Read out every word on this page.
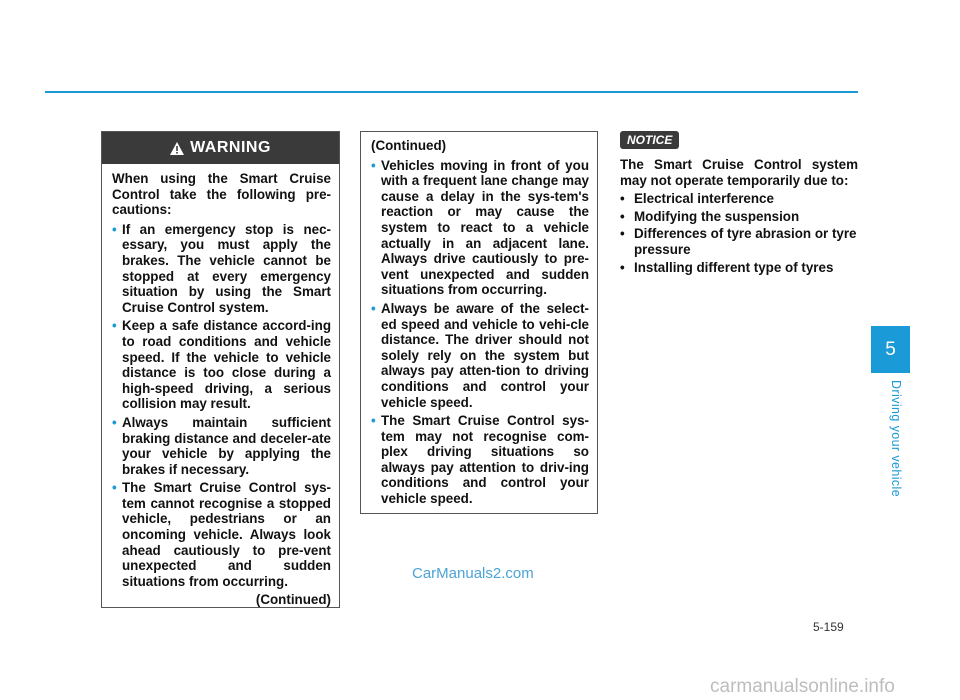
WARNING

When using the Smart Cruise Control take the following pre-cautions:

• If an emergency stop is nec-essary, you must apply the brakes. The vehicle cannot be stopped at every emergency situation by using the Smart Cruise Control system.
• Keep a safe distance accord-ing to road conditions and vehicle speed. If the vehicle to vehicle distance is too close during a high-speed driving, a serious collision may result.
• Always maintain sufficient braking distance and deceler-ate your vehicle by applying the brakes if necessary.
• The Smart Cruise Control sys-tem cannot recognise a stopped vehicle, pedestrians or an oncoming vehicle. Always look ahead cautiously to pre-vent unexpected and sudden situations from occurring.
(Continued)

(Continued)

• Vehicles moving in front of you with a frequent lane change may cause a delay in the sys-tem's reaction or may cause the system to react to a vehicle actually in an adjacent lane. Always drive cautiously to pre-vent unexpected and sudden situations from occurring.
• Always be aware of the select-ed speed and vehicle to vehi-cle distance. The driver should not solely rely on the system but always pay atten-tion to driving conditions and control your vehicle speed.
• The Smart Cruise Control sys-tem may not recognise com-plex driving situations so always pay attention to driv-ing conditions and control your vehicle speed.
NOTICE

The Smart Cruise Control system may not operate temporarily due to:

• Electrical interference
• Modifying the suspension
• Differences of tyre abrasion or tyre pressure
• Installing different type of tyres
5
Driving your vehicle
5-159
CarManuals2.com
carmanualsonline.info
